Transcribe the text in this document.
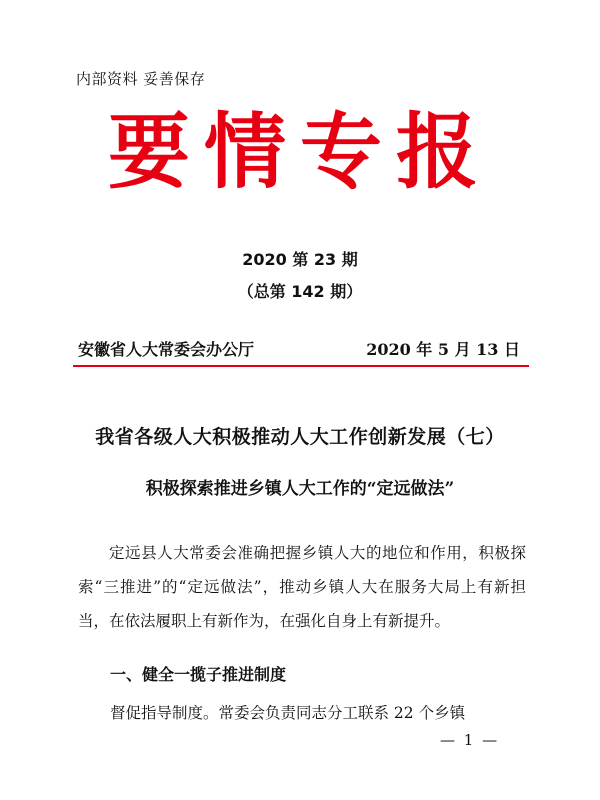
内部资料 妥善保存
要情专报
2020 第 23 期
（总第 142 期）
安徽省人大常委会办公厅	2020 年 5 月 13 日
我省各级人大积极推动人大工作创新发展（七）
积极探索推进乡镇人大工作的“定远做法”

定远县人大常委会准确把握乡镇人大的地位和作用，积极探索“三推进”的“定远做法”，推动乡镇人大在服务大局上有新担当，在依法履职上有新作为，在强化自身上有新提升。

一、健全一揽子推进制度
督促指导制度。常委会负责同志分工联系 22 个乡镇
— 1 —
